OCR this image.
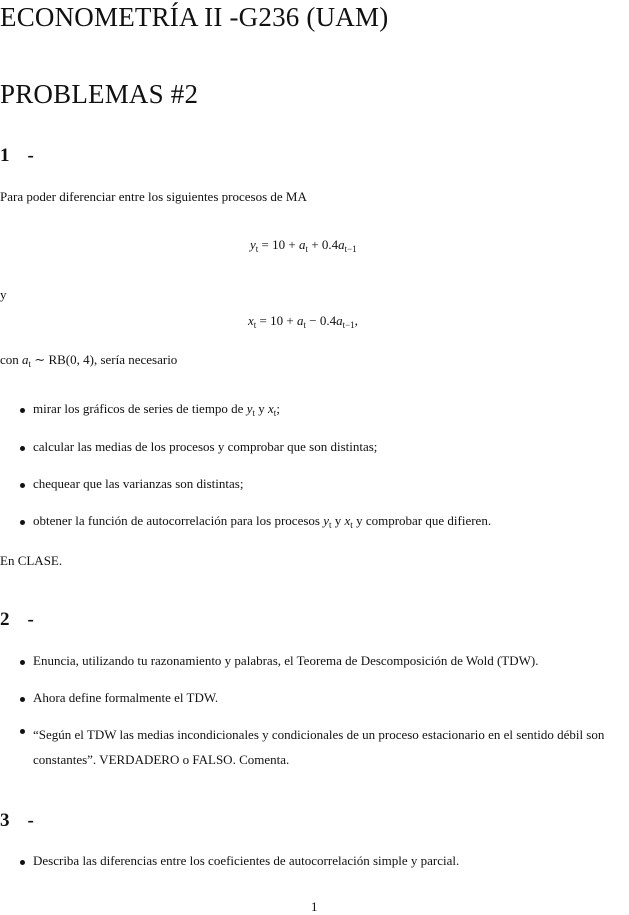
ECONOMETRÍA II -G236 (UAM)
PROBLEMAS #2
1 -
Para poder diferenciar entre los siguientes procesos de MA
$y_t = 10 + a_t + 0.4a_{t-1}$
y
$x_t = 10 + a_t - 0.4a_{t-1}$,
con $a_t$ ∼ RB(0, 4), sería necesario
mirar los gráficos de series de tiempo de $y_t$ y $x_t$;
calcular las medias de los procesos y comprobar que son distintas;
chequear que las varianzas son distintas;
obtener la función de autocorrelación para los procesos $y_t$ y $x_t$ y comprobar que difieren.
En CLASE.
2 -
Enuncia, utilizando tu razonamiento y palabras, el Teorema de Descomposición de Wold (TDW).
Ahora define formalmente el TDW.
“Según el TDW las medias incondicionales y condicionales de un proceso estacionario en el sentido débil son constantes”. VERDADERO o FALSO. Comenta.
3 -
Describa las diferencias entre los coeficientes de autocorrelación simple y parcial.
1
